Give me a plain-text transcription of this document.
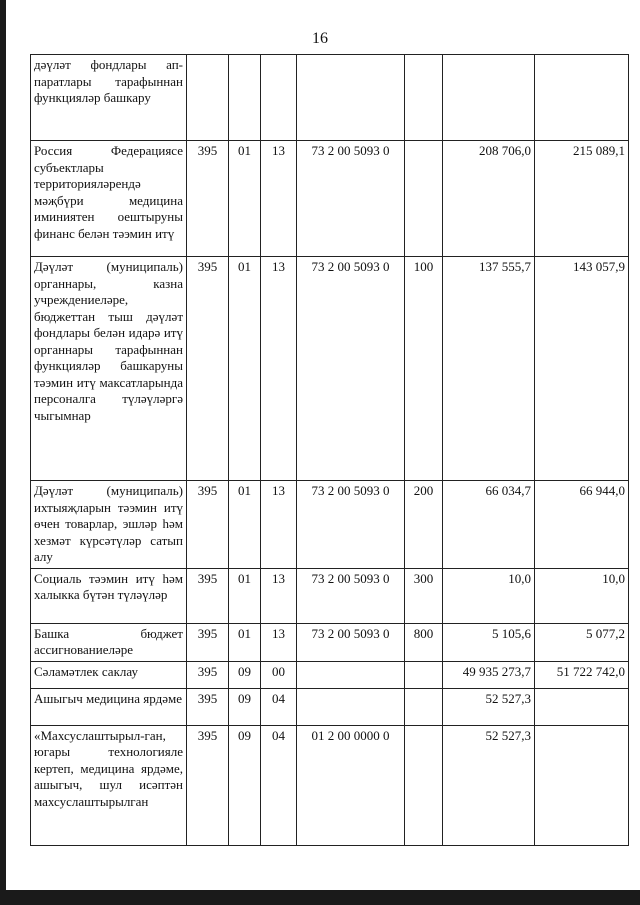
16
дәүләт фондлары ап-паратлары тарафыннан функцияләр башкару							
Россия Федерациясе субъектлары территорияләрендә мәҗбүри медицина иминиятен оештыруны финанс белән тәэмин итү	395	01	13	73 2 00 5093 0		208 706,0	215 089,1
Дәүләт (муниципаль) органнары, казна учреждениеләре, бюджеттан тыш дәүләт фондлары белән идарә итү органнары тарафыннан функцияләр башкаруны тәэмин итү максатларында персоналга түләүләргә чыгымнар	395	01	13	73 2 00 5093 0	100	137 555,7	143 057,9
Дәүләт (муниципаль) ихтыяҗларын тәэмин итү өчен товарлар, эшләр һәм хезмәт күрсәтүләр сатып алу	395	01	13	73 2 00 5093 0	200	66 034,7	66 944,0
Социаль тәэмин итү һәм халыкка бүтән түләүләр	395	01	13	73 2 00 5093 0	300	10,0	10,0
Башка бюджет ассигнованиеләре	395	01	13	73 2 00 5093 0	800	5 105,6	5 077,2
Сәламәтлек саклау	395	09	00			49 935 273,7	51 722 742,0
Ашыгыч медицина ярдәме	395	09	04			52 527,3	
«Махсуслаштырыл-ган, югары технологияле кертеп, медицина ярдәме, ашыгыч, шул исәптән махсуслаштырылган	395	09	04	01 2 00 0000 0		52 527,3	
